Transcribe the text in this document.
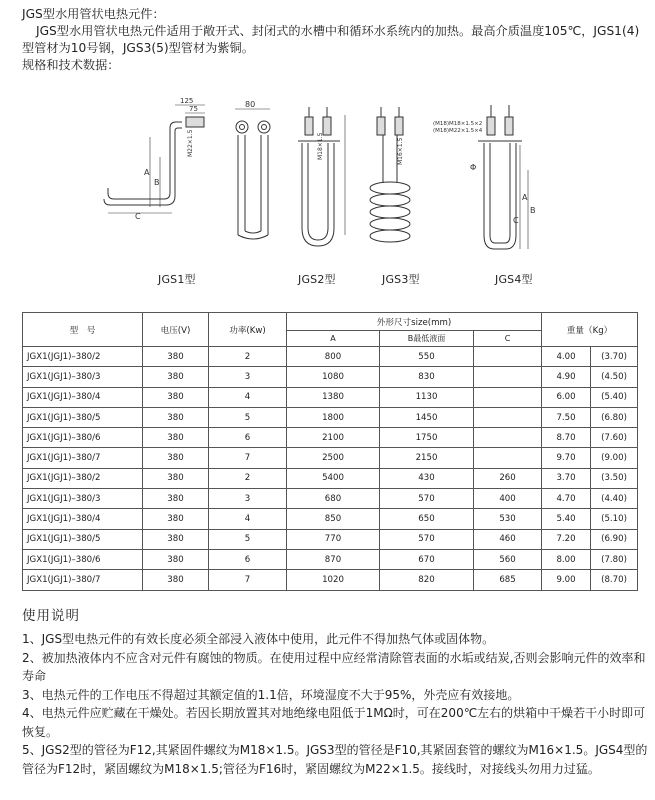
JGS型水用管状电热元件：
JGS型水用管状电热元件适用于敞开式、封闭式的水槽中和循环水系统内的加热。最高介质温度105℃，JGS1(4)型管材为10号钢，JGS3(5)型管材为紫铜。
规格和技术数据：
125
75
A
B
C
M22×1.5
80
M18×1.5	M16×1.5
(M18)M18×1.5×2
(M18)M22×1.5×4
A
B
C
Φ
JGS1型	JGS2型	JGS3型	JGS4型
型　号	电压(V)	功率(Kw)	外形尺寸size(mm)			重量（Kg）	
			A	B最低液面	C		
JGX1(JGJ1)–380/2	380	2	800	550		4.00	(3.70)
JGX1(JGJ1)–380/3	380	3	1080	830		4.90	(4.50)
JGX1(JGJ1)–380/4	380	4	1380	1130		6.00	(5.40)
JGX1(JGJ1)–380/5	380	5	1800	1450		7.50	(6.80)
JGX1(JGJ1)–380/6	380	6	2100	1750		8.70	(7.60)
JGX1(JGJ1)–380/7	380	7	2500	2150		9.70	(9.00)
JGX1(JGJ1)–380/2	380	2	5400	430	260	3.70	(3.50)
JGX1(JGJ1)–380/3	380	3	680	570	400	4.70	(4.40)
JGX1(JGJ1)–380/4	380	4	850	650	530	5.40	(5.10)
JGX1(JGJ1)–380/5	380	5	770	570	460	7.20	(6.90)
JGX1(JGJ1)–380/6	380	6	870	670	560	8.00	(7.80)
JGX1(JGJ1)–380/7	380	7	1020	820	685	9.00	(8.70)
使用说明

1、JGS型电热元件的有效长度必须全部浸入液体中使用，此元件不得加热气体或固体物。

2、被加热液体内不应含对元件有腐蚀的物质。在使用过程中应经常清除管表面的水垢或结炭,否则会影响元件的效率和寿命

3、电热元件的工作电压不得超过其额定值的1.1倍，环境湿度不大于95%，外壳应有效接地。

4、电热元件应贮藏在干燥处。若因长期放置其对地绝缘电阻低于1MΩ时，可在200℃左右的烘箱中干燥若干小时即可恢复。

5、JGS2型的管径为F12,其紧固件螺纹为M18×1.5。JGS3型的管径是F10,其紧固套管的螺纹为M16×1.5。JGS4型的管径为F12时，紧固螺纹为M18×1.5;管径为F16时，紧固螺纹为M22×1.5。接线时，对接线头勿用力过猛。
